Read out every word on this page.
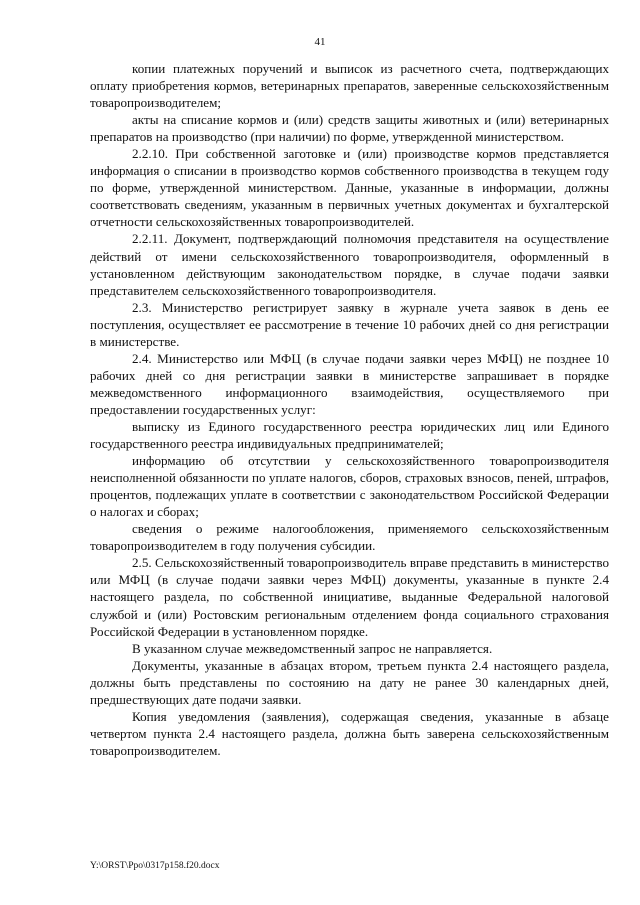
41

копии платежных поручений и выписок из расчетного счета, подтверждающих оплату приобретения кормов, ветеринарных препаратов, заверенные сельскохозяйственным товаропроизводителем;

акты на списание кормов и (или) средств защиты животных и (или) ветеринарных препаратов на производство (при наличии) по форме, утвержденной министерством.

2.2.10. При собственной заготовке и (или) производстве кормов представляется информация о списании в производство кормов собственного производства в текущем году по форме, утвержденной министерством. Данные, указанные в информации, должны соответствовать сведениям, указанным в первичных учетных документах и бухгалтерской отчетности сельскохозяйственных товаропроизводителей.

2.2.11. Документ, подтверждающий полномочия представителя на осуществление действий от имени сельскохозяйственного товаропроизводителя, оформленный в установленном действующим законодательством порядке, в случае подачи заявки представителем сельскохозяйственного товаропроизводителя.

2.3. Министерство регистрирует заявку в журнале учета заявок в день ее поступления, осуществляет ее рассмотрение в течение 10 рабочих дней со дня регистрации в министерстве.

2.4. Министерство или МФЦ (в случае подачи заявки через МФЦ) не позднее 10 рабочих дней со дня регистрации заявки в министерстве запрашивает в порядке межведомственного информационного взаимодействия, осуществляемого при предоставлении государственных услуг:

выписку из Единого государственного реестра юридических лиц или Единого государственного реестра индивидуальных предпринимателей;

информацию об отсутствии у сельскохозяйственного товаропроизводителя неисполненной обязанности по уплате налогов, сборов, страховых взносов, пеней, штрафов, процентов, подлежащих уплате в соответствии с законодательством Российской Федерации о налогах и сборах;

сведения о режиме налогообложения, применяемого сельскохозяйственным товаропроизводителем в году получения субсидии.

2.5. Сельскохозяйственный товаропроизводитель вправе представить в министерство или МФЦ (в случае подачи заявки через МФЦ) документы, указанные в пункте 2.4 настоящего раздела, по собственной инициативе, выданные Федеральной налоговой службой и (или) Ростовским региональным отделением фонда социального страхования Российской Федерации в установленном порядке.

В указанном случае межведомственный запрос не направляется.

Документы, указанные в абзацах втором, третьем пункта 2.4 настоящего раздела, должны быть представлены по состоянию на дату не ранее 30 календарных дней, предшествующих дате подачи заявки.

Копия уведомления (заявления), содержащая сведения, указанные в абзаце четвертом пункта 2.4 настоящего раздела, должна быть заверена сельскохозяйственным товаропроизводителем.

Y:\ORST\Ppo\0317p158.f20.docx
